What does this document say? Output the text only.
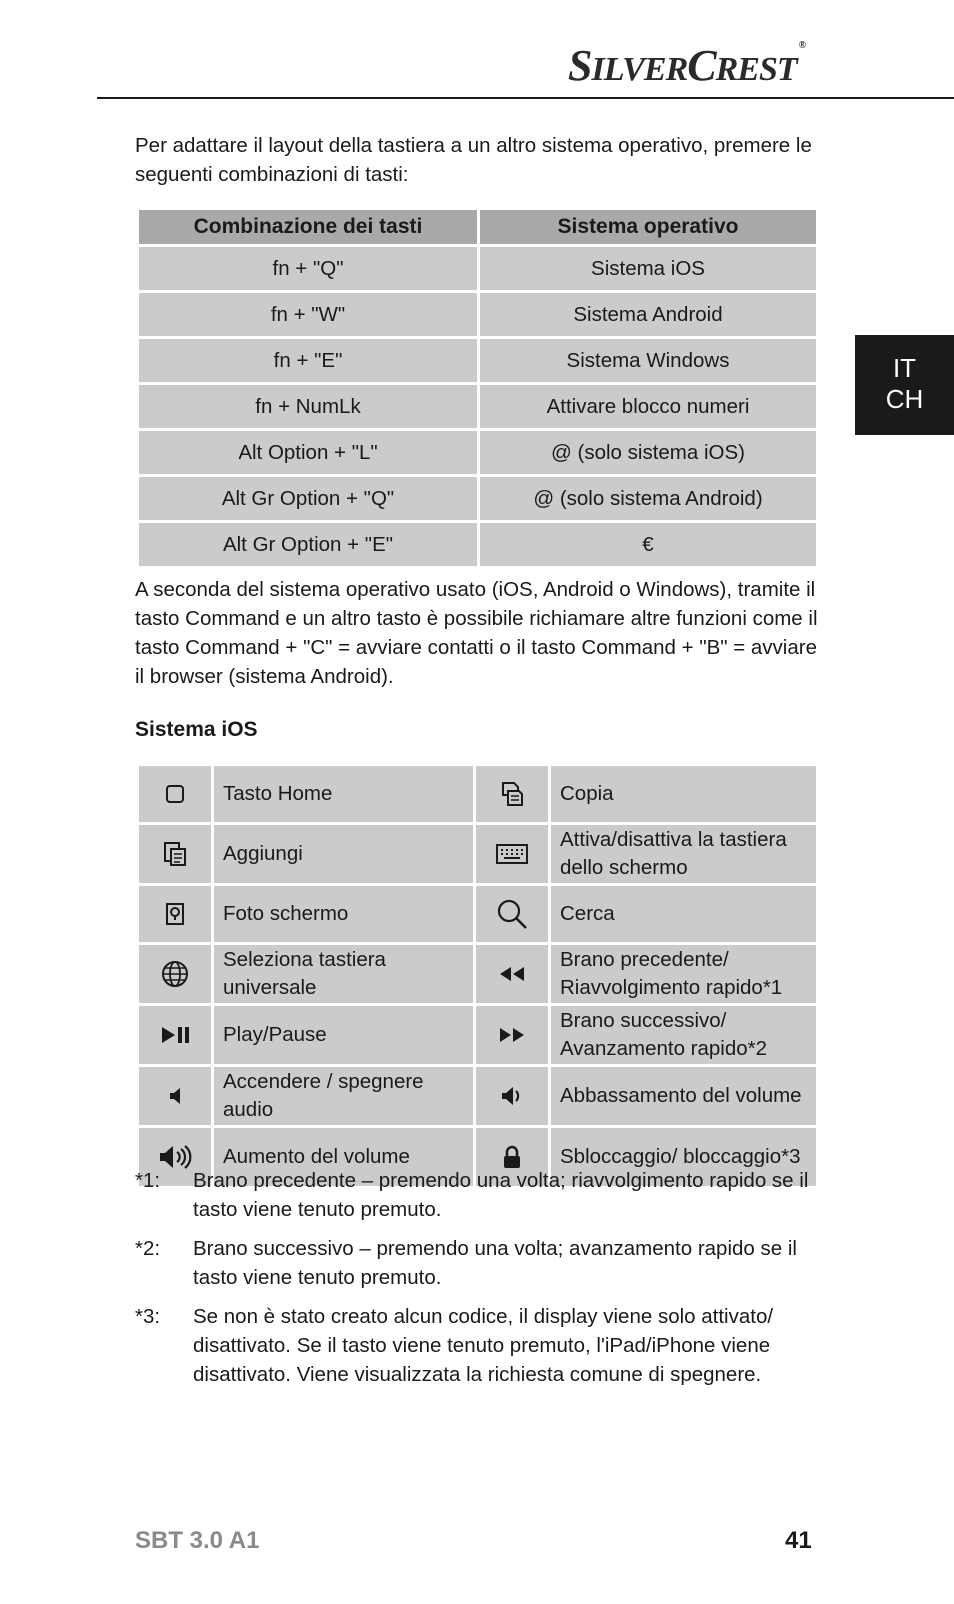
SILVERCREST®
IT
CH

Per adattare il layout della tastiera a un altro sistema operativo, premere le seguenti combinazioni di tasti:

Combinazione dei tasti	Sistema operativo
fn + "Q"	Sistema iOS
fn + "W"	Sistema Android
fn + "E"	Sistema Windows
fn + NumLk	Attivare blocco numeri
Alt Option + "L"	@ (solo sistema iOS)
Alt Gr Option + "Q"	@ (solo sistema Android)
Alt Gr Option + "E"	€

A seconda del sistema operativo usato (iOS, Android o Windows), tramite il tasto Command e un altro tasto è possibile richiamare altre funzioni come il tasto Command + "C" = avviare contatti o il tasto Command + "B" = avviare il browser (sistema Android).

Sistema iOS
	Tasto Home		Copia

	Aggiungi		Attiva/disattiva la tastiera dello schermo

	Foto schermo		Cerca

	Seleziona tastiera universale		Brano precedente/ Riavvolgimento rapido*1

	Play/Pause		Brano successivo/ Avanzamento rapido*2

	Accendere / spegnere audio		Abbassamento del volume

	Aumento del volume		Sbloccaggio/ bloccaggio*3
*1:	Brano precedente – premendo una volta; riavvolgimento rapido se il tasto viene tenuto premuto.
*2:	Brano successivo – premendo una volta; avanzamento rapido se il tasto viene tenuto premuto.
*3:	Se non è stato creato alcun codice, il display viene solo attivato/ disattivato. Se il tasto viene tenuto premuto, l'iPad/iPhone viene disattivato. Viene visualizzata la richiesta comune di spegnere.
SBT 3.0 A1	41
